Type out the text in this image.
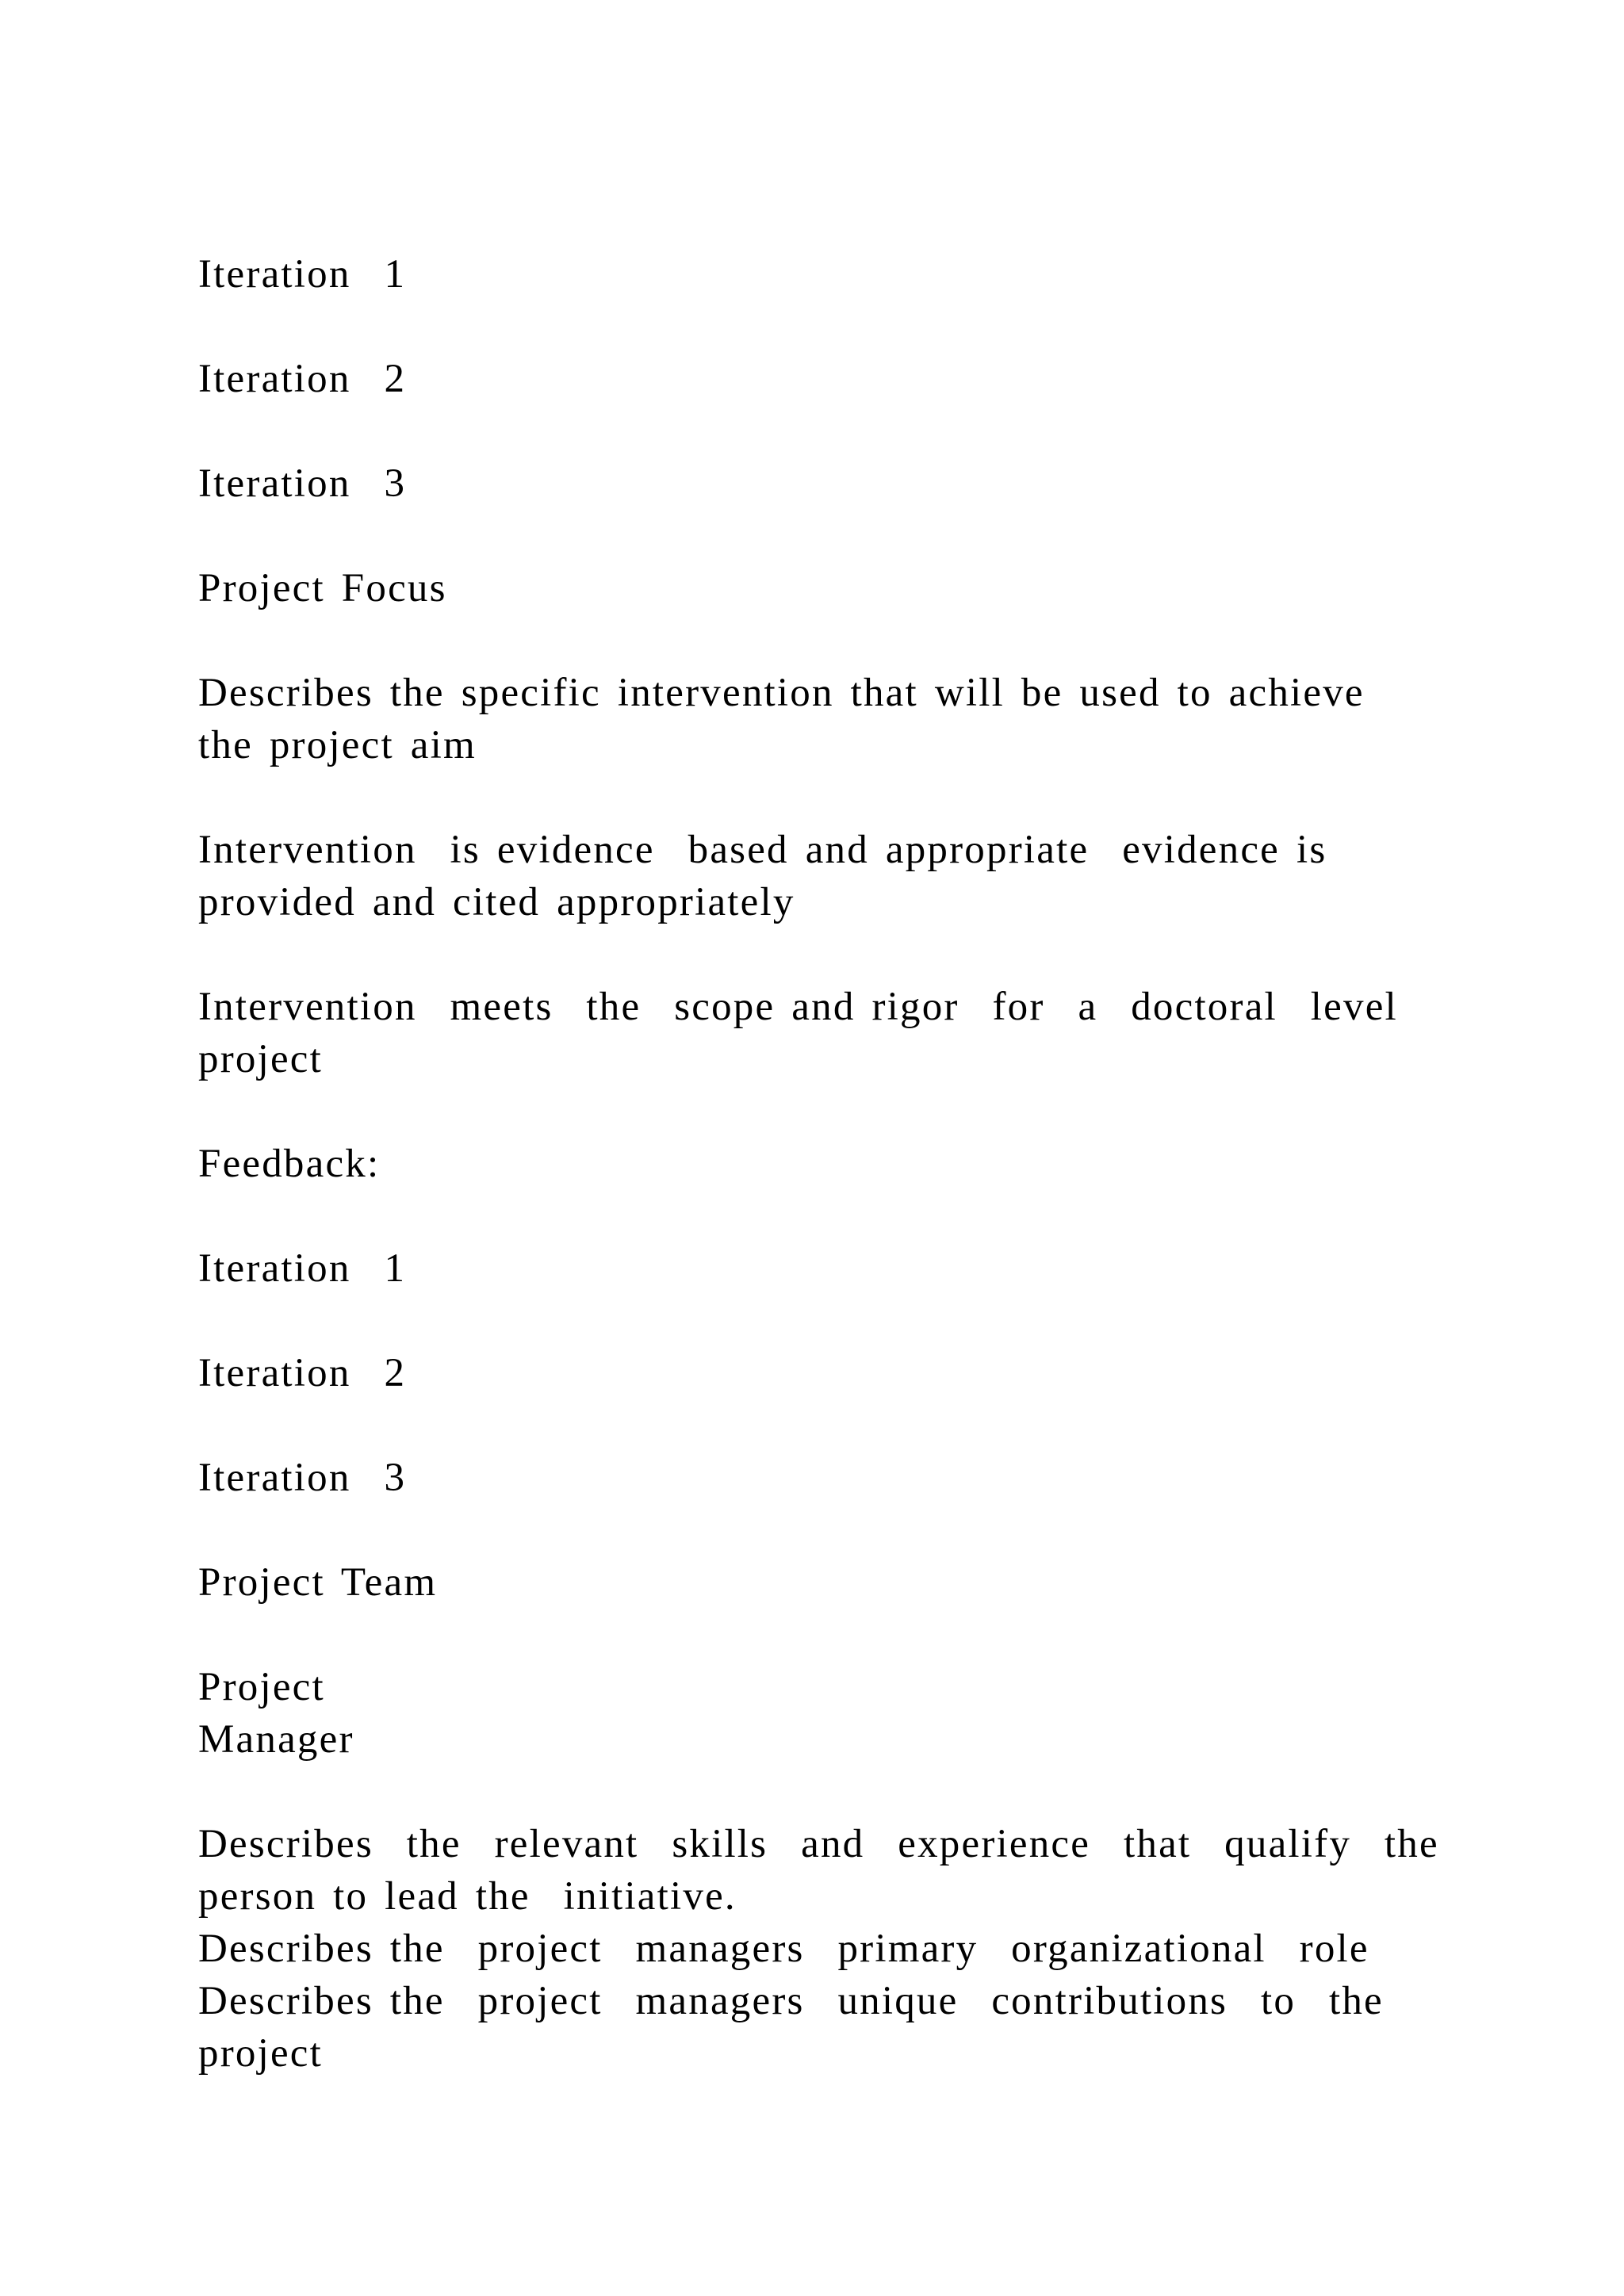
Iteration  1

Iteration  2

Iteration  3

Project Focus

Describes the specific intervention that will be used to achieve

the project aim

Intervention  is evidence  based and appropriate  evidence is

provided and cited appropriately

Intervention  meets  the  scope and rigor  for  a  doctoral  level

project

Feedback:

Iteration  1

Iteration  2

Iteration  3

Project Team

Project

Manager

Describes  the  relevant  skills  and  experience  that  qualify  the

person to lead the  initiative.

Describes the  project  managers  primary  organizational  role

Describes the  project  managers  unique  contributions  to  the

project
